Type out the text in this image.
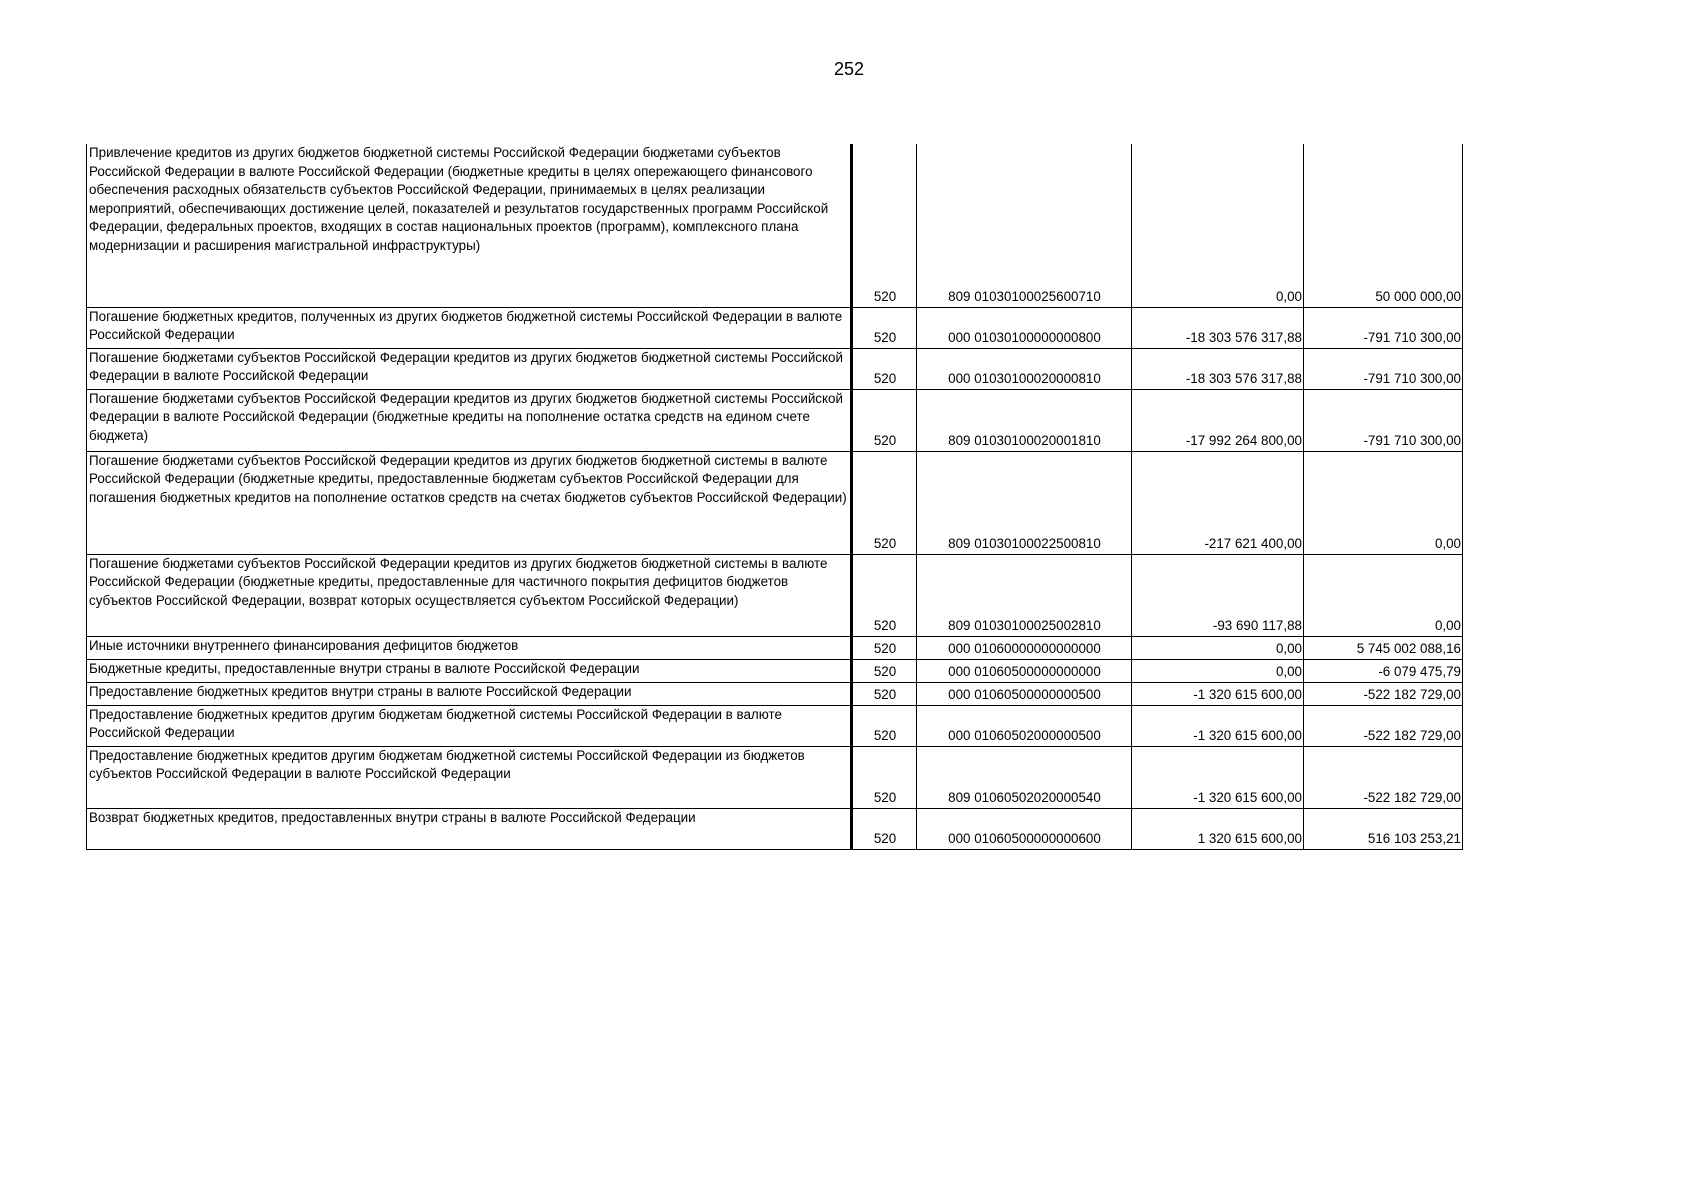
252
Привлечение кредитов из других бюджетов бюджетной системы Российской Федерации бюджетами субъектов Российской Федерации в валюте Российской Федерации (бюджетные кредиты в целях опережающего финансового обеспечения расходных обязательств субъектов Российской Федерации, принимаемых в целях реализации мероприятий, обеспечивающих достижение целей, показателей и результатов государственных программ Российской Федерации, федеральных проектов, входящих в состав национальных проектов (программ), комплексного плана модернизации и расширения магистральной инфраструктуры)	520	809 01030100025600710	0,00	50 000 000,00
Погашение бюджетных кредитов, полученных из других бюджетов бюджетной системы Российской Федерации в валюте Российской Федерации	520	000 01030100000000800	-18 303 576 317,88	-791 710 300,00
Погашение бюджетами субъектов Российской Федерации кредитов из других бюджетов бюджетной системы Российской Федерации в валюте Российской Федерации	520	000 01030100020000810	-18 303 576 317,88	-791 710 300,00
Погашение бюджетами субъектов Российской Федерации кредитов из других бюджетов бюджетной системы Российской Федерации в валюте Российской Федерации (бюджетные кредиты на пополнение остатка средств на едином счете бюджета)	520	809 01030100020001810	-17 992 264 800,00	-791 710 300,00
Погашение бюджетами субъектов Российской Федерации кредитов из других бюджетов бюджетной системы в валюте Российской Федерации (бюджетные кредиты, предоставленные бюджетам субъектов Российской Федерации для погашения бюджетных кредитов на пополнение остатков средств на счетах бюджетов субъектов Российской Федерации)	520	809 01030100022500810	-217 621 400,00	0,00
Погашение бюджетами субъектов Российской Федерации кредитов из других бюджетов бюджетной системы в валюте Российской Федерации (бюджетные кредиты, предоставленные для частичного покрытия дефицитов бюджетов субъектов Российской Федерации, возврат которых осуществляется субъектом Российской Федерации)	520	809 01030100025002810	-93 690 117,88	0,00
Иные источники внутреннего финансирования дефицитов бюджетов	520	000 01060000000000000	0,00	5 745 002 088,16
Бюджетные кредиты, предоставленные внутри страны в валюте Российской Федерации	520	000 01060500000000000	0,00	-6 079 475,79
Предоставление бюджетных кредитов внутри страны в валюте Российской Федерации	520	000 01060500000000500	-1 320 615 600,00	-522 182 729,00
Предоставление бюджетных кредитов другим бюджетам бюджетной системы Российской Федерации в валюте Российской Федерации	520	000 01060502000000500	-1 320 615 600,00	-522 182 729,00
Предоставление бюджетных кредитов другим бюджетам бюджетной системы Российской Федерации из бюджетов субъектов Российской Федерации в валюте Российской Федерации	520	809 01060502020000540	-1 320 615 600,00	-522 182 729,00
Возврат бюджетных кредитов, предоставленных внутри страны в валюте Российской Федерации	520	000 01060500000000600	1 320 615 600,00	516 103 253,21
